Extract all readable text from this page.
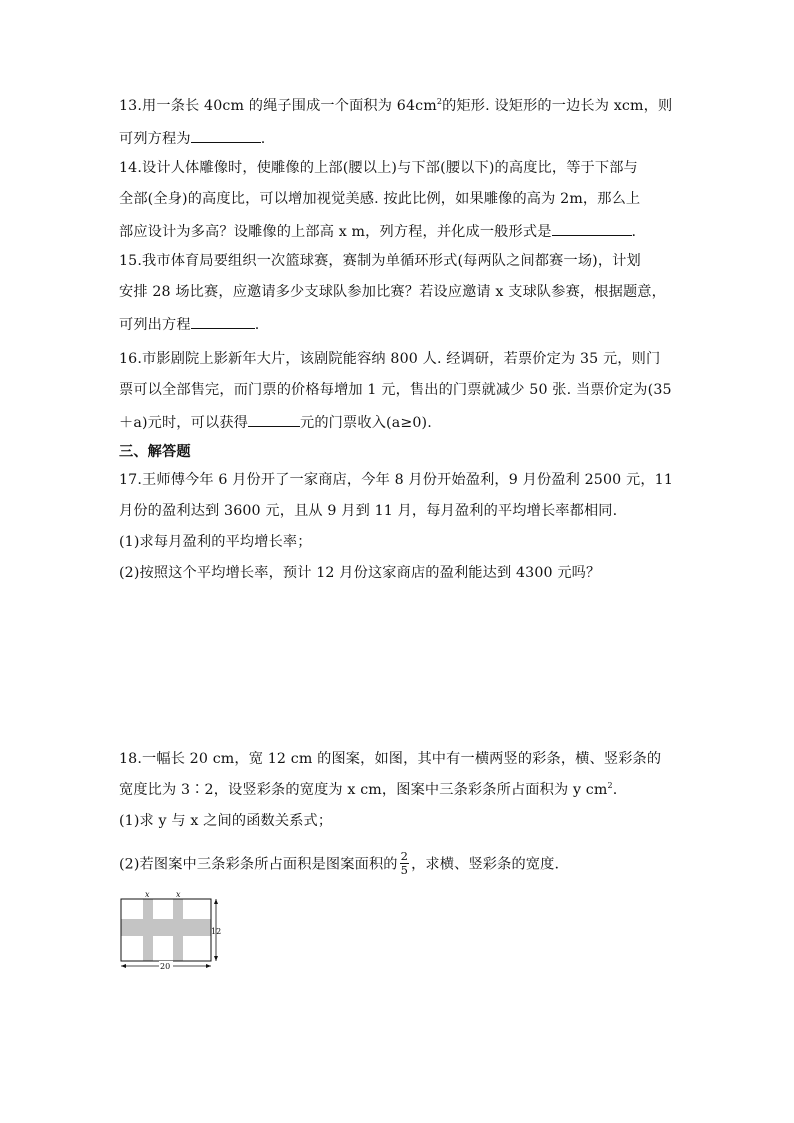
13.用一条长 40cm 的绳子围成一个面积为 $64cm^2$的矩形. 设矩形的一边长为 xcm，则
可列方程为	.
14.设计人体雕像时，使雕像的上部(腰以上)与下部(腰以下)的高度比，等于下部与
全部(全身)的高度比，可以增加视觉美感. 按此比例，如果雕像的高为 2m，那么上
部应设计为多高？设雕像的上部高 x m，列方程，并化成一般形式是	.
15.我市体育局要组织一次篮球赛，赛制为单循环形式(每两队之间都赛一场)，计划
安排 28 场比赛，应邀请多少支球队参加比赛？若设应邀请 x 支球队参赛，根据题意，
可列出方程	.
16.市影剧院上影新年大片，该剧院能容纳 800 人. 经调研，若票价定为 35 元，则门
票可以全部售完，而门票的价格每增加 1 元，售出的门票就减少 50 张. 当票价定为(35
＋a)元时，可以获得	元的门票收入(a≥0).
三、解答题
17.王师傅今年 6 月份开了一家商店，今年 8 月份开始盈利，9 月份盈利 2500 元，11
月份的盈利达到 3600 元，且从 9 月到 11 月，每月盈利的平均增长率都相同.
(1)求每月盈利的平均增长率；
(2)按照这个平均增长率，预计 12 月份这家商店的盈利能达到 4300 元吗？
18.一幅长 20 cm，宽 12 cm 的图案，如图，其中有一横两竖的彩条，横、竖彩条的
宽度比为 3∶2，设竖彩条的宽度为 x cm，图案中三条彩条所占面积为 y $cm^2$.
(1)求 y 与 x 之间的函数关系式；
(2)若图案中三条彩条所占面积是图案面积的 $\frac{2}{5}$ ，求横、竖彩条的宽度.
x	x
12
20
